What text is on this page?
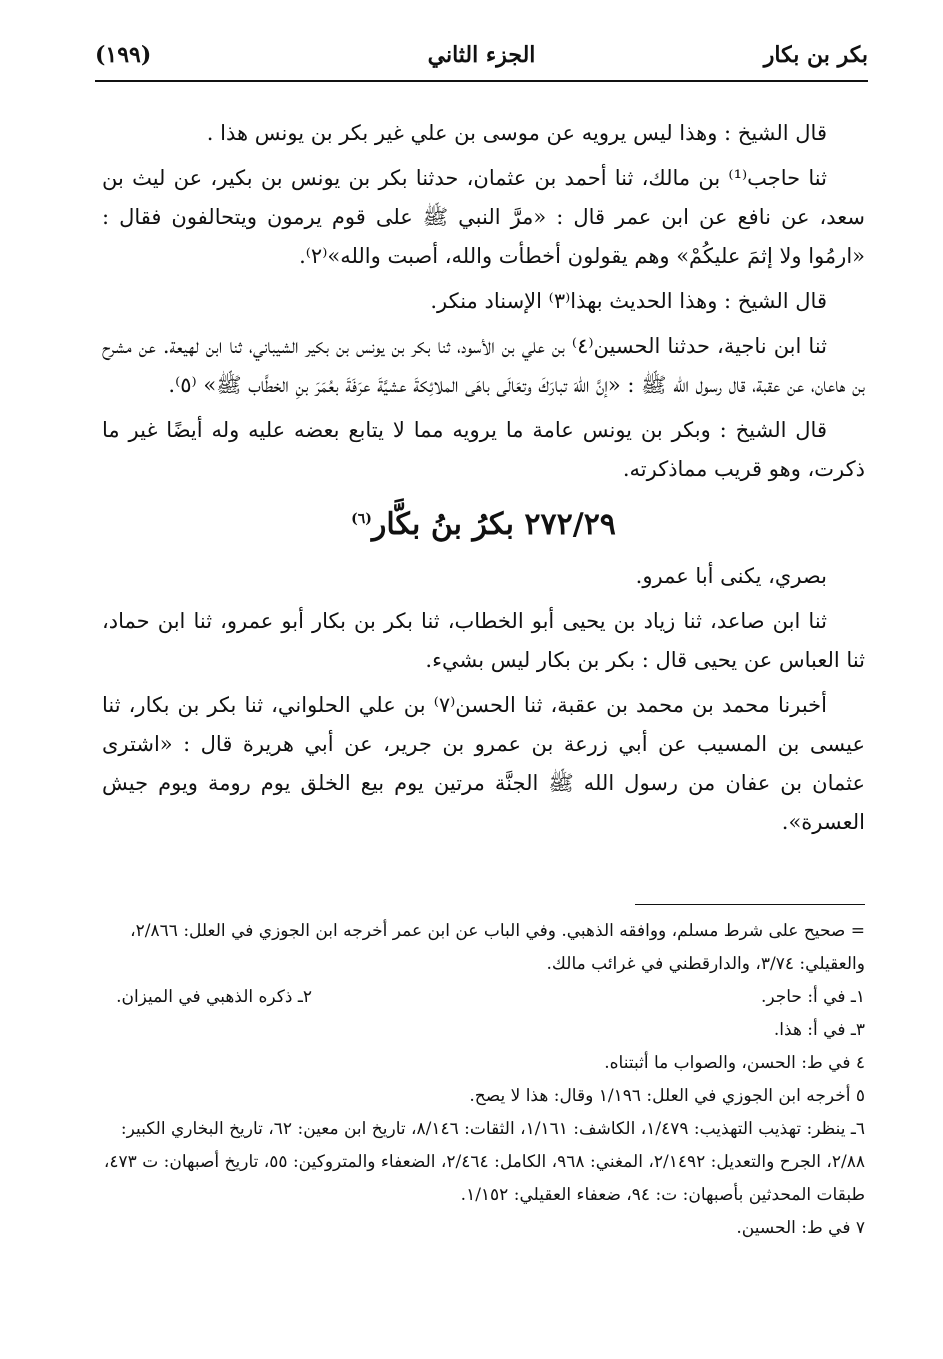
بكر بن بكار
الجزء الثاني
(١٩٩)

قال الشيخ : وهذا ليس يرويه عن موسى بن علي غير بكر بن يونس هذا .

ثنا حاجب⁽¹⁾ بن مالك، ثنا أحمد بن عثمان، حدثنا بكر بن يونس بن بكير، عن ليث بن سعد، عن نافع عن ابن عمر قال : «مرَّ النبي ﷺ على قوم يرمون ويتحالفون فقال : «ارمُوا ولا إثمَ عليكُمْ» وهم يقولون أخطأت والله، أصبت والله»⁽٢⁾.

قال الشيخ : وهذا الحديث بهذا⁽٣⁾ الإسناد منكر.

ثنا ابن ناجية، حدثنا الحسين⁽٤⁾ بن علي بن الأسود، ثنا بكر بن يونس بن بكير الشيباني، ثنا ابن لهيعة. عن مشرح بن هاعان، عن عقبة، قال رسول الله ﷺ : «إنَّ اللهَ تبارَكَ وتعَالَى باهَى الملائِكةَ عشيَّةَ عرَفَةَ بعُمَرَ بنِ الخطَّاب ﷺ» ⁽٥⁾.

قال الشيخ : وبكر بن يونس عامة ما يرويه مما لا يتابع بعضه عليه وله أيضًا غير ما ذكرت، وهو قريب مماذكرته.

٢٧٢/٢٩ بكرُ بنُ بكَّار$^{(٦)}$

بصري، يكنى أبا عمرو.

ثنا ابن صاعد، ثنا زياد بن يحيى أبو الخطاب، ثنا بكر بن بكار أبو عمرو، ثنا ابن حماد، ثنا العباس عن يحيى قال : بكر بن بكار ليس بشيء.

أخبرنا محمد بن محمد بن عقبة، ثنا الحسن⁽٧⁾ بن علي الحلواني، ثنا بكر بن بكار، ثنا عيسى بن المسيب عن أبي زرعة بن عمرو بن جرير، عن أبي هريرة قال : «اشترى عثمان بن عفان من رسول الله ﷺ الجنَّة مرتين يوم بيع الخلق يوم رومة ويوم جيش العسرة».

= صحيح على شرط مسلم، ووافقه الذهبي. وفي الباب عن ابن عمر أخرجه ابن الجوزي في العلل: ٢/٨٦٦، والعقيلي: ٣/٧٤، والدارقطني في غرائب مالك.

١ـ في أ: حاجر.
٢ـ ذكره الذهبي في الميزان.

٣ـ في أ: هذا.

٤ في ط: الحسن، والصواب ما أثبتناه.

٥ أخرجه ابن الجوزي في العلل: ١/١٩٦ وقال: هذا لا يصح.

٦ـ ينظر: تهذيب التهذيب: ١/٤٧٩، الكاشف: ١/١٦١، الثقات: ٨/١٤٦، تاريخ ابن معين: ٦٢، تاريخ البخاري الكبير: ٢/٨٨، الجرح والتعديل: ٢/١٤٩٢، المغني: ٩٦٨، الكامل: ٢/٤٦٤، الضعفاء والمتروكين: ٥٥، تاريخ أصبهان: ت ٤٧٣، طبقات المحدثين بأصبهان: ت: ٩٤، ضعفاء العقيلي: ١/١٥٢.

٧ في ط: الحسين.
